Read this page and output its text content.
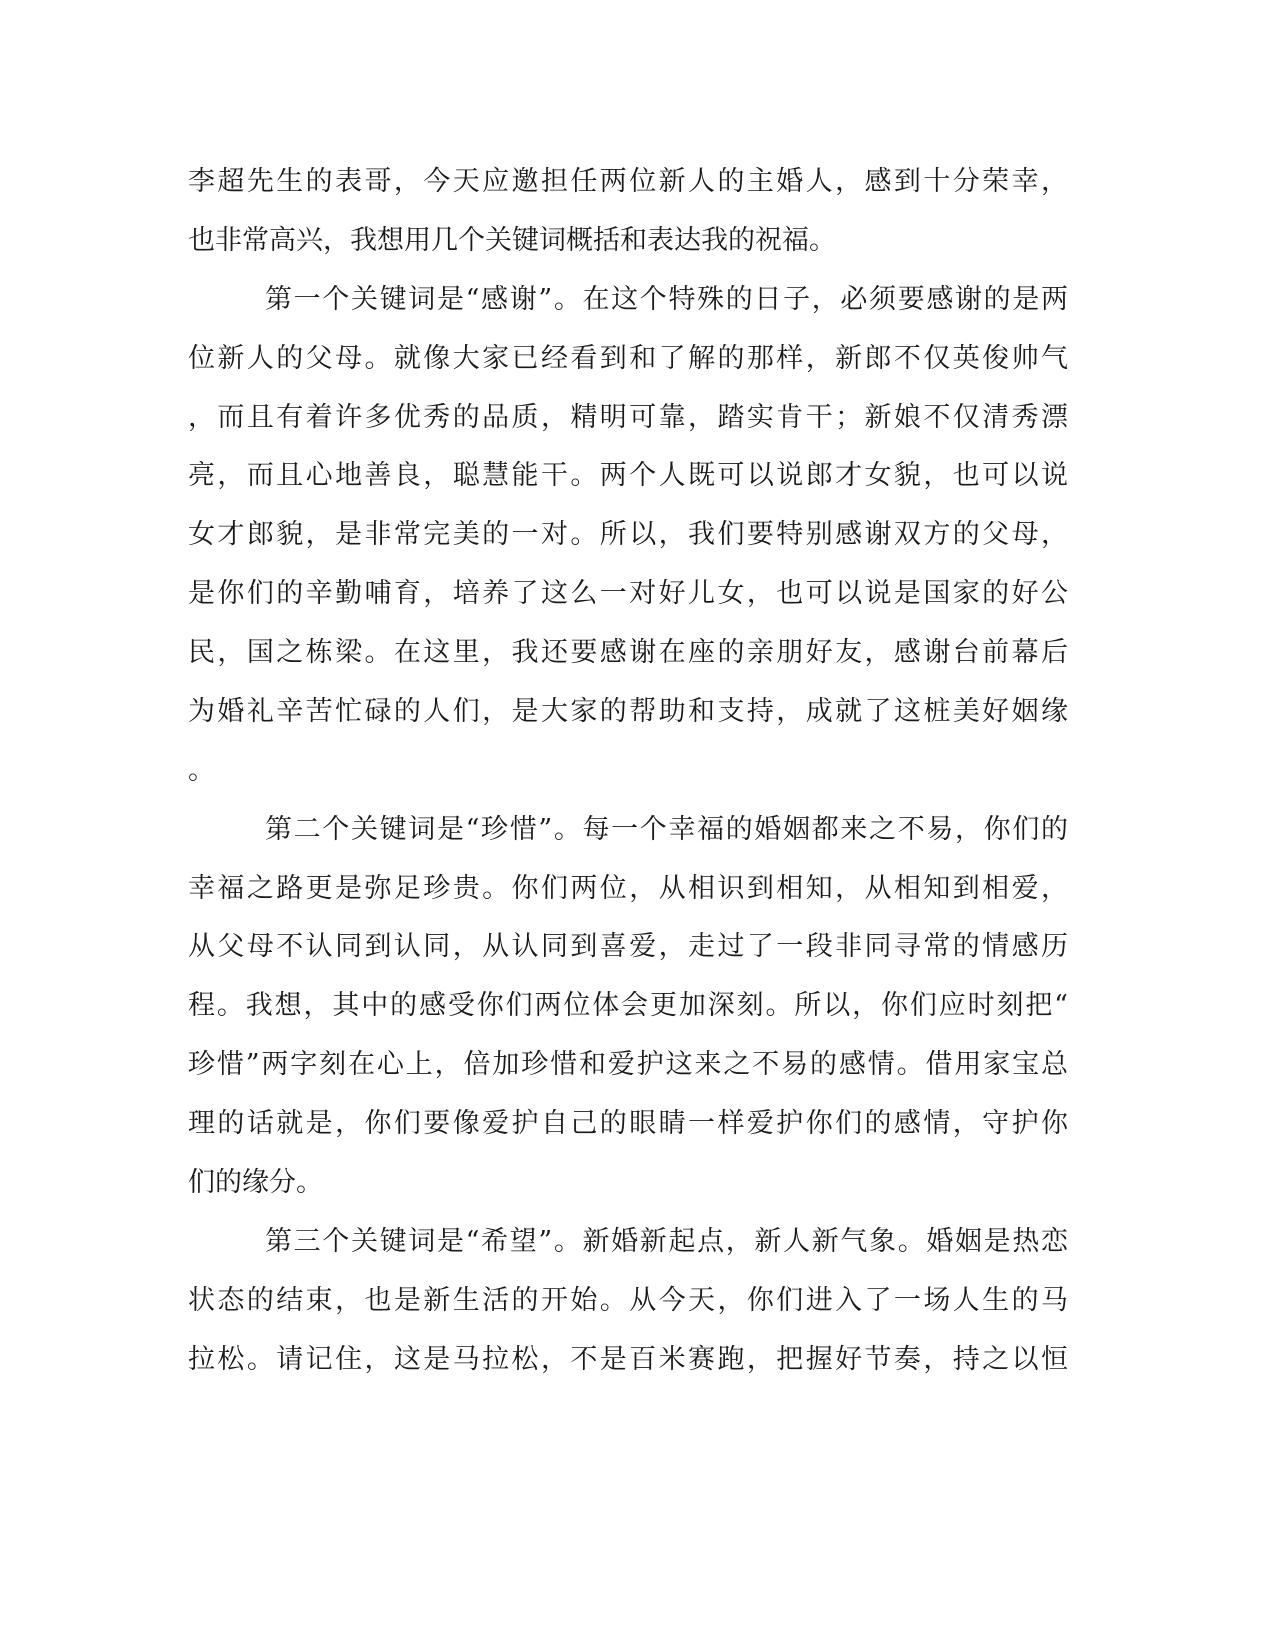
李超先生的表哥，今天应邀担任两位新人的主婚人，感到十分荣幸，
也非常高兴，我想用几个关键词概括和表达我的祝福。
第一个关键词是“感谢”。在这个特殊的日子，必须要感谢的是两
位新人的父母。就像大家已经看到和了解的那样，新郎不仅英俊帅气
，而且有着许多优秀的品质，精明可靠，踏实肯干；新娘不仅清秀漂
亮，而且心地善良，聪慧能干。两个人既可以说郎才女貌，也可以说
女才郎貌，是非常完美的一对。所以，我们要特别感谢双方的父母，
是你们的辛勤哺育，培养了这么一对好儿女，也可以说是国家的好公
民，国之栋梁。在这里，我还要感谢在座的亲朋好友，感谢台前幕后
为婚礼辛苦忙碌的人们，是大家的帮助和支持，成就了这桩美好姻缘
。
第二个关键词是“珍惜”。每一个幸福的婚姻都来之不易，你们的
幸福之路更是弥足珍贵。你们两位，从相识到相知，从相知到相爱，
从父母不认同到认同，从认同到喜爱，走过了一段非同寻常的情感历
程。我想，其中的感受你们两位体会更加深刻。所以，你们应时刻把“
珍惜”两字刻在心上，倍加珍惜和爱护这来之不易的感情。借用家宝总
理的话就是，你们要像爱护自己的眼睛一样爱护你们的感情，守护你
们的缘分。
第三个关键词是“希望”。新婚新起点，新人新气象。婚姻是热恋
状态的结束，也是新生活的开始。从今天，你们进入了一场人生的马
拉松。请记住，这是马拉松，不是百米赛跑，把握好节奏，持之以恒
